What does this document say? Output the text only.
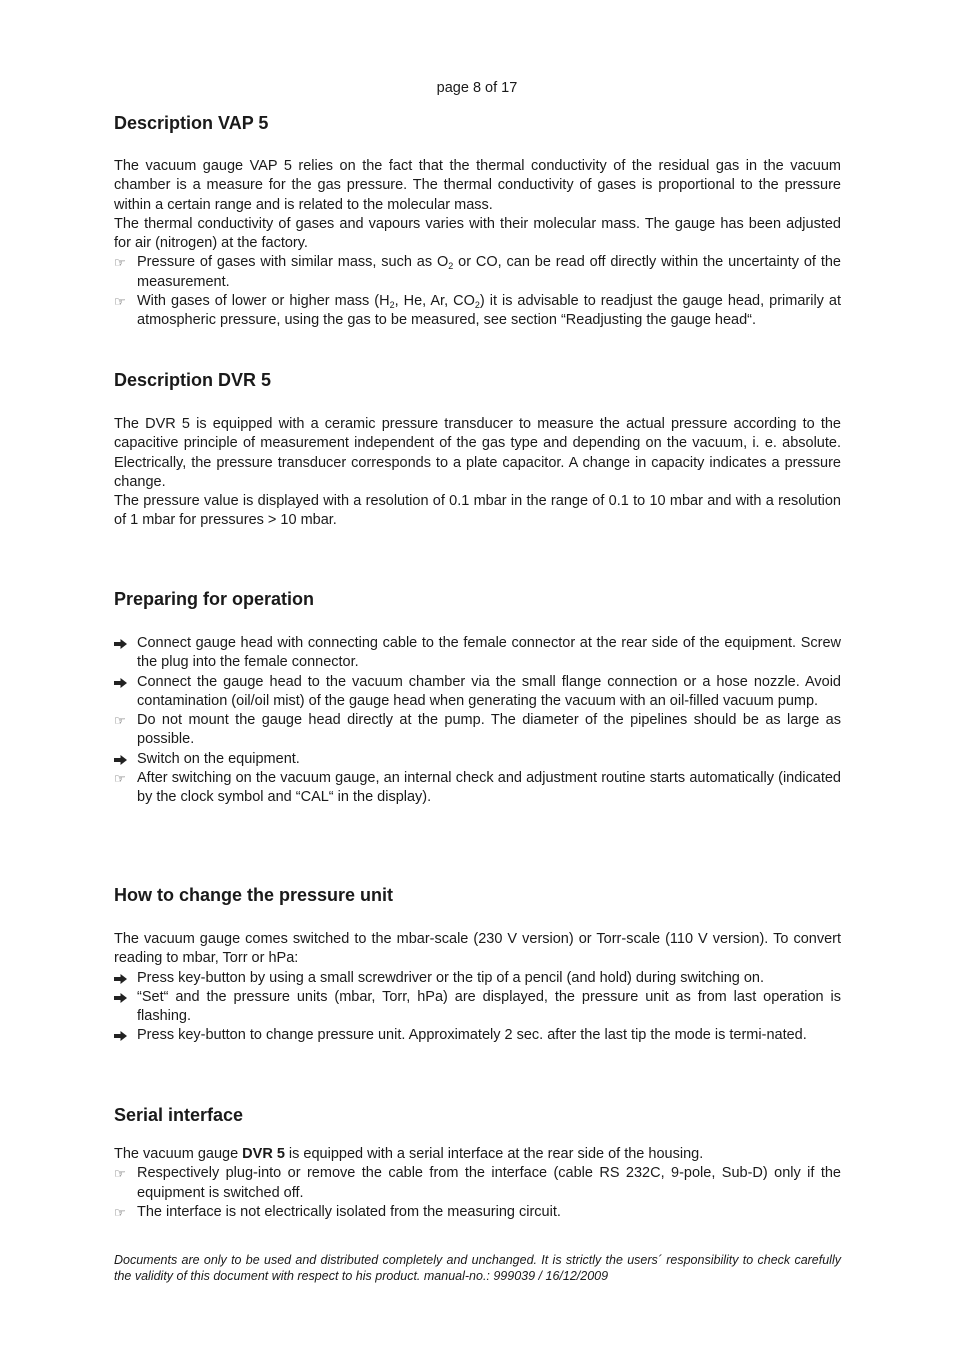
page 8 of 17
Description VAP 5

The vacuum gauge VAP 5 relies on the fact that the thermal conductivity of the residual gas in the vacuum chamber is a measure for the gas pressure. The thermal conductivity of gases is proportional to the pressure within a certain range and is related to the molecular mass.

The thermal conductivity of gases and vapours varies with their molecular mass. The gauge has been adjusted for air (nitrogen) at the factory.

☞ Pressure of gases with similar mass, such as $O_2$ or CO, can be read off directly within the uncertainty of the measurement.
☞ With gases of lower or higher mass ($H_2$, He, Ar, $CO_2$) it is advisable to readjust the gauge head, primarily at atmospheric pressure, using the gas to be measured, see section “Readjusting the gauge head“.
Description DVR 5

The DVR 5 is equipped with a ceramic pressure transducer to measure the actual pressure according to the capacitive principle of measurement independent of the gas type and depending on the vacuum, i. e. absolute. Electrically, the pressure transducer corresponds to a plate capacitor. A change in capacity indicates a pressure change.

The pressure value is displayed with a resolution of 0.1 mbar in the range of 0.1 to 10 mbar and with a resolution of 1 mbar for pressures > 10 mbar.

Preparing for operation
Connect gauge head with connecting cable to the female connector at the rear side of the equipment. Screw the plug into the female connector.
Connect the gauge head to the vacuum chamber via the small flange connection or a hose nozzle. Avoid contamination (oil/oil mist) of the gauge head when generating the vacuum with an oil-filled vacuum pump.
☞ Do not mount the gauge head directly at the pump. The diameter of the pipelines should be as large as possible.
Switch on the equipment.
☞ After switching on the vacuum gauge, an internal check and adjustment routine starts automatically (indicated by the clock symbol and “CAL“ in the display).
How to change the pressure unit

The vacuum gauge comes switched to the mbar-scale (230 V version) or Torr-scale (110 V version). To convert reading to mbar, Torr or hPa:

Press key-button by using a small screwdriver or the tip of a pencil (and hold) during switching on.
“Set“ and the pressure units (mbar, Torr, hPa) are displayed, the pressure unit as from last operation is flashing.
Press key-button to change pressure unit. Approximately 2 sec. after the last tip the mode is termi-nated.
Serial interface

The vacuum gauge DVR 5 is equipped with a serial interface at the rear side of the housing.

☞ Respectively plug-into or remove the cable from the interface (cable RS 232C, 9-pole, Sub-D) only if the equipment is switched off.
☞ The interface is not electrically isolated from the measuring circuit.
Documents are only to be used and distributed completely and unchanged. It is strictly the users´ responsibility to check carefully the validity of this document with respect to his product. manual-no.: 999039 / 16/12/2009
